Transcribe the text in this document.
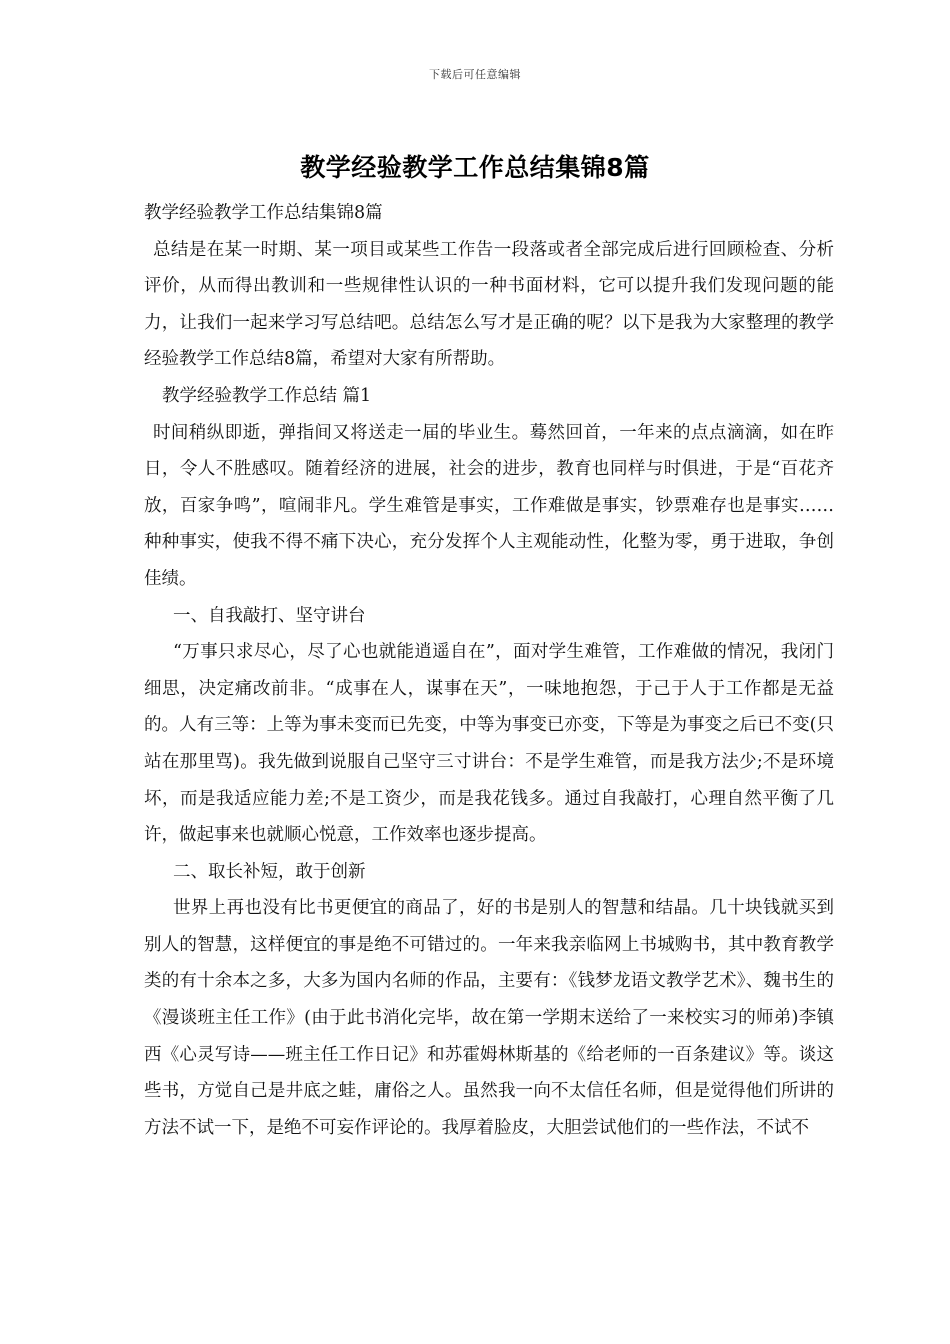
下载后可任意编辑
教学经验教学工作总结集锦8篇

教学经验教学工作总结集锦8篇

总结是在某一时期、某一项目或某些工作告一段落或者全部完成后进行回顾检查、分析评价，从而得出教训和一些规律性认识的一种书面材料，它可以提升我们发现问题的能力，让我们一起来学习写总结吧。总结怎么写才是正确的呢？以下是我为大家整理的教学经验教学工作总结8篇，希望对大家有所帮助。

教学经验教学工作总结 篇1

时间稍纵即逝，弹指间又将送走一届的毕业生。蓦然回首，一年来的点点滴滴，如在昨日，令人不胜感叹。随着经济的进展，社会的进步，教育也同样与时俱进，于是“百花齐放，百家争鸣”，喧闹非凡。学生难管是事实，工作难做是事实，钞票难存也是事实……种种事实，使我不得不痛下决心，充分发挥个人主观能动性，化整为零，勇于进取，争创佳绩。

一、自我敲打、坚守讲台

“万事只求尽心，尽了心也就能逍遥自在”，面对学生难管，工作难做的情况，我闭门细思，决定痛改前非。“成事在人，谋事在天”，一味地抱怨，于己于人于工作都是无益的。人有三等：上等为事未变而已先变，中等为事变已亦变，下等是为事变之后已不变(只站在那里骂)。我先做到说服自己坚守三寸讲台：不是学生难管，而是我方法少;不是环境坏，而是我适应能力差;不是工资少，而是我花钱多。通过自我敲打，心理自然平衡了几许，做起事来也就顺心悦意，工作效率也逐步提高。

二、取长补短，敢于创新

世界上再也没有比书更便宜的商品了，好的书是别人的智慧和结晶。几十块钱就买到别人的智慧，这样便宜的事是绝不可错过的。一年来我亲临网上书城购书，其中教育教学类的有十余本之多，大多为国内名师的作品，主要有：《钱梦龙语文教学艺术》、魏书生的《漫谈班主任工作》(由于此书消化完毕，故在第一学期末送给了一来校实习的师弟)李镇西《心灵写诗——班主任工作日记》和苏霍姆林斯基的《给老师的一百条建议》等。谈这些书，方觉自己是井底之蛙，庸俗之人。虽然我一向不太信任名师，但是觉得他们所讲的方法不试一下，是绝不可妄作评论的。我厚着脸皮，大胆尝试他们的一些作法，不试不
